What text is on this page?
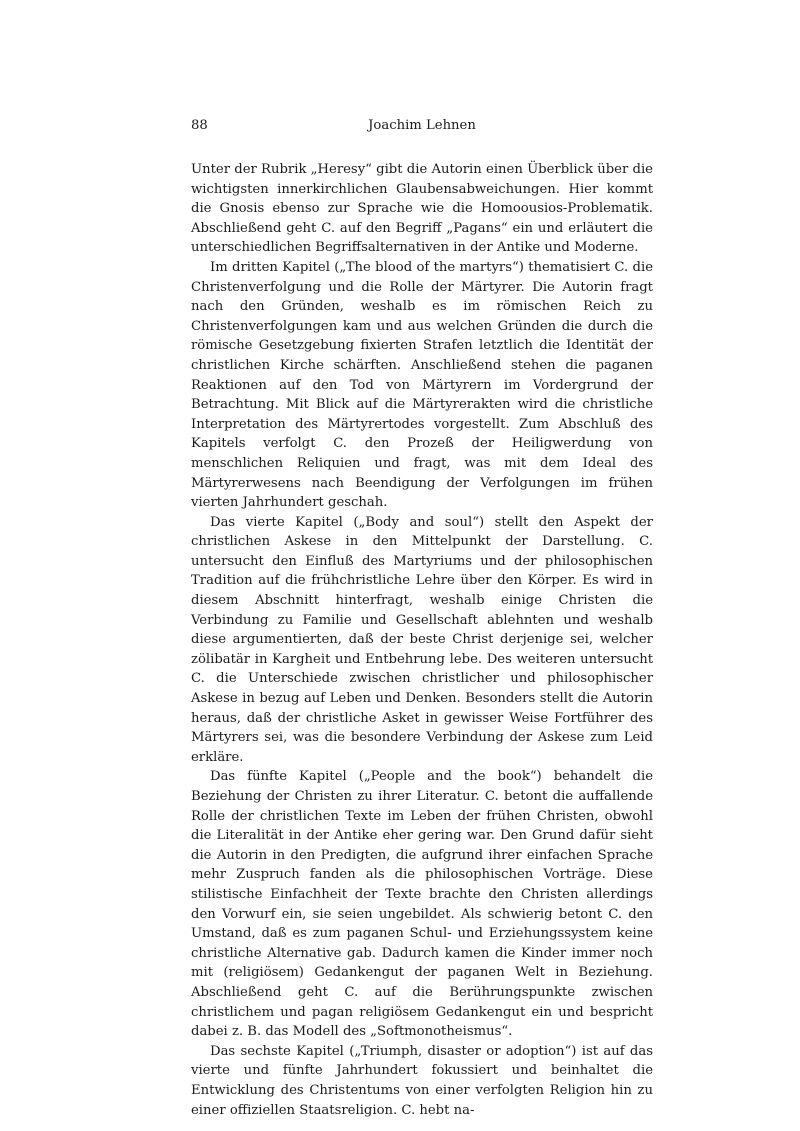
88	Joachim Lehnen

Unter der Rubrik „Heresy“ gibt die Autorin einen Überblick über die wichtigsten innerkirchlichen Glaubensabweichungen. Hier kommt die Gnosis ebenso zur Sprache wie die Homoousios-Problematik. Abschließend geht C. auf den Begriff „Pagans“ ein und erläutert die unterschiedlichen Begriffsalternativen in der Antike und Moderne.

Im dritten Kapitel („The blood of the martyrs“) thematisiert C. die Christenverfolgung und die Rolle der Märtyrer. Die Autorin fragt nach den Gründen, weshalb es im römischen Reich zu Christenverfolgungen kam und aus welchen Gründen die durch die römische Gesetzgebung fixierten Strafen letztlich die Identität der christlichen Kirche schärften. Anschließend stehen die paganen Reaktionen auf den Tod von Märtyrern im Vordergrund der Betrachtung. Mit Blick auf die Märtyrerakten wird die christliche Interpretation des Märtyrertodes vorgestellt. Zum Abschluß des Kapitels verfolgt C. den Prozeß der Heiligwerdung von menschlichen Reliquien und fragt, was mit dem Ideal des Märtyrerwesens nach Beendigung der Verfolgungen im frühen vierten Jahrhundert geschah.

Das vierte Kapitel („Body and soul“) stellt den Aspekt der christlichen Askese in den Mittelpunkt der Darstellung. C. untersucht den Einfluß des Martyriums und der philosophischen Tradition auf die frühchristliche Lehre über den Körper. Es wird in diesem Abschnitt hinterfragt, weshalb einige Christen die Verbindung zu Familie und Gesellschaft ablehnten und weshalb diese argumentierten, daß der beste Christ derjenige sei, welcher zölibatär in Kargheit und Entbehrung lebe. Des weiteren untersucht C. die Unterschiede zwischen christlicher und philosophischer Askese in bezug auf Leben und Denken. Besonders stellt die Autorin heraus, daß der christliche Asket in gewisser Weise Fortführer des Märtyrers sei, was die besondere Verbindung der Askese zum Leid erkläre.

Das fünfte Kapitel („People and the book“) behandelt die Beziehung der Christen zu ihrer Literatur. C. betont die auffallende Rolle der christlichen Texte im Leben der frühen Christen, obwohl die Literalität in der Antike eher gering war. Den Grund dafür sieht die Autorin in den Predigten, die aufgrund ihrer einfachen Sprache mehr Zuspruch fanden als die philosophischen Vorträge. Diese stilistische Einfachheit der Texte brachte den Christen allerdings den Vorwurf ein, sie seien ungebildet. Als schwierig betont C. den Umstand, daß es zum paganen Schul- und Erziehungssystem keine christliche Alternative gab. Dadurch kamen die Kinder immer noch mit (religiösem) Gedankengut der paganen Welt in Beziehung. Abschließend geht C. auf die Berührungspunkte zwischen christlichem und pagan religiösem Gedankengut ein und bespricht dabei z. B. das Modell des „Softmonotheismus“.

Das sechste Kapitel („Triumph, disaster or adoption“) ist auf das vierte und fünfte Jahrhundert fokussiert und beinhaltet die Entwicklung des Christentums von einer verfolgten Religion hin zu einer offiziellen Staatsreligion. C. hebt na-
